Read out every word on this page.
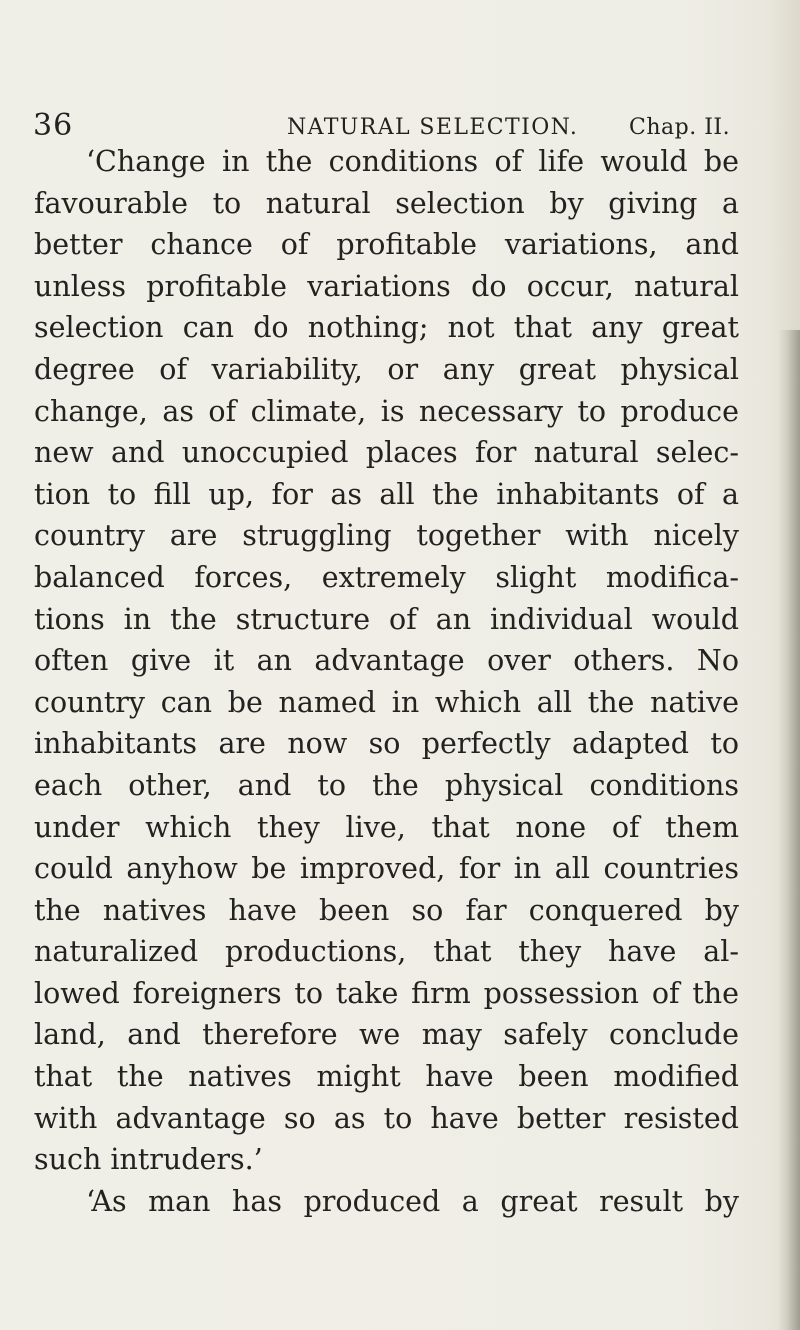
36	NATURAL SELECTION. Chap. II.
‘Change in the conditions of life would be
favourable to natural selection by giving a
better chance of profitable variations, and
unless profitable variations do occur, natural
selection can do nothing; not that any great
degree of variability, or any great physical
change, as of climate, is necessary to produce
new and unoccupied places for natural selec-
tion to fill up, for as all the inhabitants of a
country are struggling together with nicely
balanced forces, extremely slight modifica-
tions in the structure of an individual would
often give it an advantage over others. No
country can be named in which all the native
inhabitants are now so perfectly adapted to
each other, and to the physical conditions
under which they live, that none of them
could anyhow be improved, for in all countries
the natives have been so far conquered by
naturalized productions, that they have al-
lowed foreigners to take firm possession of the
land, and therefore we may safely conclude
that the natives might have been modified
with advantage so as to have better resisted
such intruders.’
‘As man has produced a great result by
